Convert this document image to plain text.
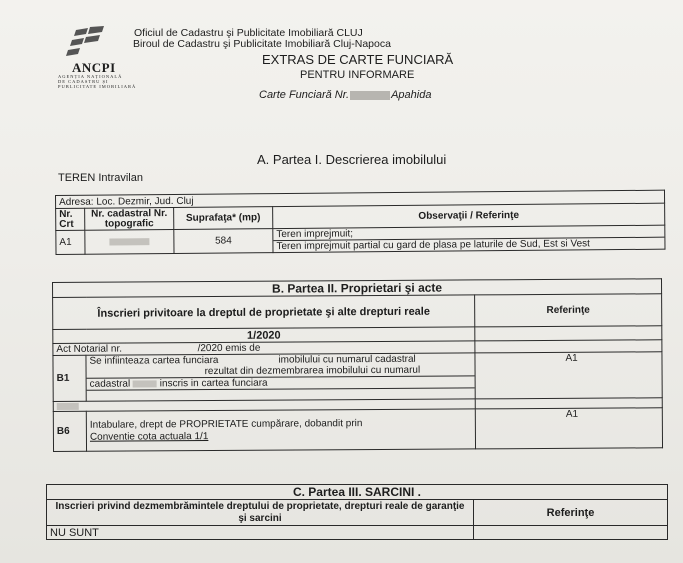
Oficiul de Cadastru şi Publicitate Imobiliară CLUJ
Biroul de Cadastru şi Publicitate Imobiliară Cluj-Napoca
ANCPI
AGENȚIA NAȚIONALĂ
DE CADASTRU ȘI
PUBLICITATE IMOBILIARĂ
EXTRAS DE CARTE FUNCIARĂ
PENTRU INFORMARE
Carte Funciară Nr.	Apahida
A. Partea I. Descrierea imobilului
TEREN Intravilan
Adresa: Loc. Dezmir, Jud. Cluj			
Nr. Crt	Nr. cadastral Nr. topografic	Suprafaţa* (mp)	Observaţii / Referinţe
A1		584	Teren imprejmuit;
Teren imprejmuit partial cu gard de plasa pe laturile de Sud, Est si Vest
B. Partea II. Proprietari şi acte		
Înscrieri privitoare la dreptul de proprietate şi alte drepturi reale		Referinţe
1/2020		
Act Notarial nr. /2020 emis de		
B1	Se infiinteaza cartea funciara imobilului cu numarul cadastral
rezultat din dezmembrarea imobilului cu numarul
cadastral inscris in cartea funciara	A1

B6	Intabulare, drept de PROPRIETATE cumpărare, dobandit prin
Conventie cota actuala 1/1	A1
C. Partea III. SARCINI .	
Inscrieri privind dezmembrămintele dreptului de proprietate, drepturi reale de garanţie şi sarcini	Referinţe
NU SUNT	
